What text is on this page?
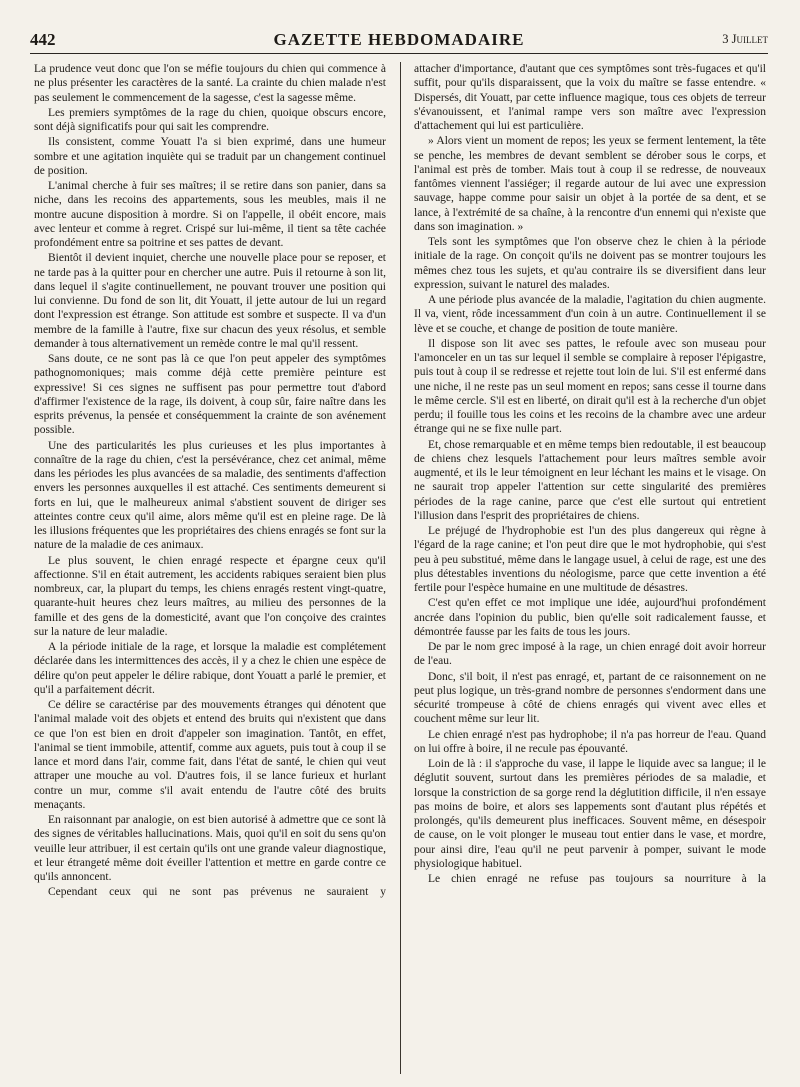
442	GAZETTE HEBDOMADAIRE	3 Juillet

La prudence veut donc que l'on se méfie toujours du chien qui commence à ne plus présenter les caractères de la santé. La crainte du chien malade n'est pas seulement le commencement de la sagesse, c'est la sagesse même.

Les premiers symptômes de la rage du chien, quoique obscurs encore, sont déjà significatifs pour qui sait les comprendre.

Ils consistent, comme Youatt l'a si bien exprimé, dans une humeur sombre et une agitation inquiète qui se traduit par un changement continuel de position.

L'animal cherche à fuir ses maîtres; il se retire dans son panier, dans sa niche, dans les recoins des appartements, sous les meubles, mais il ne montre aucune disposition à mordre. Si on l'appelle, il obéit encore, mais avec lenteur et comme à regret. Crispé sur lui-même, il tient sa tête cachée profondément entre sa poitrine et ses pattes de devant.

Bientôt il devient inquiet, cherche une nouvelle place pour se reposer, et ne tarde pas à la quitter pour en chercher une autre. Puis il retourne à son lit, dans lequel il s'agite continuellement, ne pouvant trouver une position qui lui convienne. Du fond de son lit, dit Youatt, il jette autour de lui un regard dont l'expression est étrange. Son attitude est sombre et suspecte. Il va d'un membre de la famille à l'autre, fixe sur chacun des yeux résolus, et semble demander à tous alternativement un remède contre le mal qu'il ressent.

Sans doute, ce ne sont pas là ce que l'on peut appeler des symptômes pathognomoniques; mais comme déjà cette première peinture est expressive! Si ces signes ne suffisent pas pour permettre tout d'abord d'affirmer l'existence de la rage, ils doivent, à coup sûr, faire naître dans les esprits prévenus, la pensée et conséquemment la crainte de son avénement possible.

Une des particularités les plus curieuses et les plus importantes à connaître de la rage du chien, c'est la persévérance, chez cet animal, même dans les périodes les plus avancées de sa maladie, des sentiments d'affection envers les personnes auxquelles il est attaché. Ces sentiments demeurent si forts en lui, que le malheureux animal s'abstient souvent de diriger ses atteintes contre ceux qu'il aime, alors même qu'il est en pleine rage. De là les illusions fréquentes que les propriétaires des chiens enragés se font sur la nature de la maladie de ces animaux.

Le plus souvent, le chien enragé respecte et épargne ceux qu'il affectionne. S'il en était autrement, les accidents rabiques seraient bien plus nombreux, car, la plupart du temps, les chiens enragés restent vingt-quatre, quarante-huit heures chez leurs maîtres, au milieu des personnes de la famille et des gens de la domesticité, avant que l'on conçoive des craintes sur la nature de leur maladie.

A la période initiale de la rage, et lorsque la maladie est complétement déclarée dans les intermittences des accès, il y a chez le chien une espèce de délire qu'on peut appeler le délire rabique, dont Youatt a parlé le premier, et qu'il a parfaitement décrit.

Ce délire se caractérise par des mouvements étranges qui dénotent que l'animal malade voit des objets et entend des bruits qui n'existent que dans ce que l'on est bien en droit d'appeler son imagination. Tantôt, en effet, l'animal se tient immobile, attentif, comme aux aguets, puis tout à coup il se lance et mord dans l'air, comme fait, dans l'état de santé, le chien qui veut attraper une mouche au vol. D'autres fois, il se lance furieux et hurlant contre un mur, comme s'il avait entendu de l'autre côté des bruits menaçants.

En raisonnant par analogie, on est bien autorisé à admettre que ce sont là des signes de véritables hallucinations. Mais, quoi qu'il en soit du sens qu'on veuille leur attribuer, il est certain qu'ils ont une grande valeur diagnostique, et leur étrangeté même doit éveiller l'attention et mettre en garde contre ce qu'ils annoncent.

Cependant ceux qui ne sont pas prévenus ne sauraient y

attacher d'importance, d'autant que ces symptômes sont très-fugaces et qu'il suffit, pour qu'ils disparaissent, que la voix du maître se fasse entendre. « Dispersés, dit Youatt, par cette influence magique, tous ces objets de terreur s'évanouissent, et l'animal rampe vers son maître avec l'expression d'attachement qui lui est particulière.

» Alors vient un moment de repos; les yeux se ferment lentement, la tête se penche, les membres de devant semblent se dérober sous le corps, et l'animal est près de tomber. Mais tout à coup il se redresse, de nouveaux fantômes viennent l'assiéger; il regarde autour de lui avec une expression sauvage, happe comme pour saisir un objet à la portée de sa dent, et se lance, à l'extrémité de sa chaîne, à la rencontre d'un ennemi qui n'existe que dans son imagination. »

Tels sont les symptômes que l'on observe chez le chien à la période initiale de la rage. On conçoit qu'ils ne doivent pas se montrer toujours les mêmes chez tous les sujets, et qu'au contraire ils se diversifient dans leur expression, suivant le naturel des malades.

A une période plus avancée de la maladie, l'agitation du chien augmente. Il va, vient, rôde incessamment d'un coin à un autre. Continuellement il se lève et se couche, et change de position de toute manière.

Il dispose son lit avec ses pattes, le refoule avec son museau pour l'amonceler en un tas sur lequel il semble se complaire à reposer l'épigastre, puis tout à coup il se redresse et rejette tout loin de lui. S'il est enfermé dans une niche, il ne reste pas un seul moment en repos; sans cesse il tourne dans le même cercle. S'il est en liberté, on dirait qu'il est à la recherche d'un objet perdu; il fouille tous les coins et les recoins de la chambre avec une ardeur étrange qui ne se fixe nulle part.

Et, chose remarquable et en même temps bien redoutable, il est beaucoup de chiens chez lesquels l'attachement pour leurs maîtres semble avoir augmenté, et ils le leur témoignent en leur léchant les mains et le visage. On ne saurait trop appeler l'attention sur cette singularité des premières périodes de la rage canine, parce que c'est elle surtout qui entretient l'illusion dans l'esprit des propriétaires de chiens.

Le préjugé de l'hydrophobie est l'un des plus dangereux qui règne à l'égard de la rage canine; et l'on peut dire que le mot hydrophobie, qui s'est peu à peu substitué, même dans le langage usuel, à celui de rage, est une des plus détestables inventions du néologisme, parce que cette invention a été fertile pour l'espèce humaine en une multitude de désastres.

C'est qu'en effet ce mot implique une idée, aujourd'hui profondément ancrée dans l'opinion du public, bien qu'elle soit radicalement fausse, et démontrée fausse par les faits de tous les jours.

De par le nom grec imposé à la rage, un chien enragé doit avoir horreur de l'eau.

Donc, s'il boit, il n'est pas enragé, et, partant de ce raisonnement on ne peut plus logique, un très-grand nombre de personnes s'endorment dans une sécurité trompeuse à côté de chiens enragés qui vivent avec elles et couchent même sur leur lit.

Le chien enragé n'est pas hydrophobe; il n'a pas horreur de l'eau. Quand on lui offre à boire, il ne recule pas épouvanté.

Loin de là : il s'approche du vase, il lappe le liquide avec sa langue; il le déglutit souvent, surtout dans les premières périodes de sa maladie, et lorsque la constriction de sa gorge rend la déglutition difficile, il n'en essaye pas moins de boire, et alors ses lappements sont d'autant plus répétés et prolongés, qu'ils demeurent plus inefficaces. Souvent même, en désespoir de cause, on le voit plonger le museau tout entier dans le vase, et mordre, pour ainsi dire, l'eau qu'il ne peut parvenir à pomper, suivant le mode physiologique habituel.

Le chien enragé ne refuse pas toujours sa nourriture à la
